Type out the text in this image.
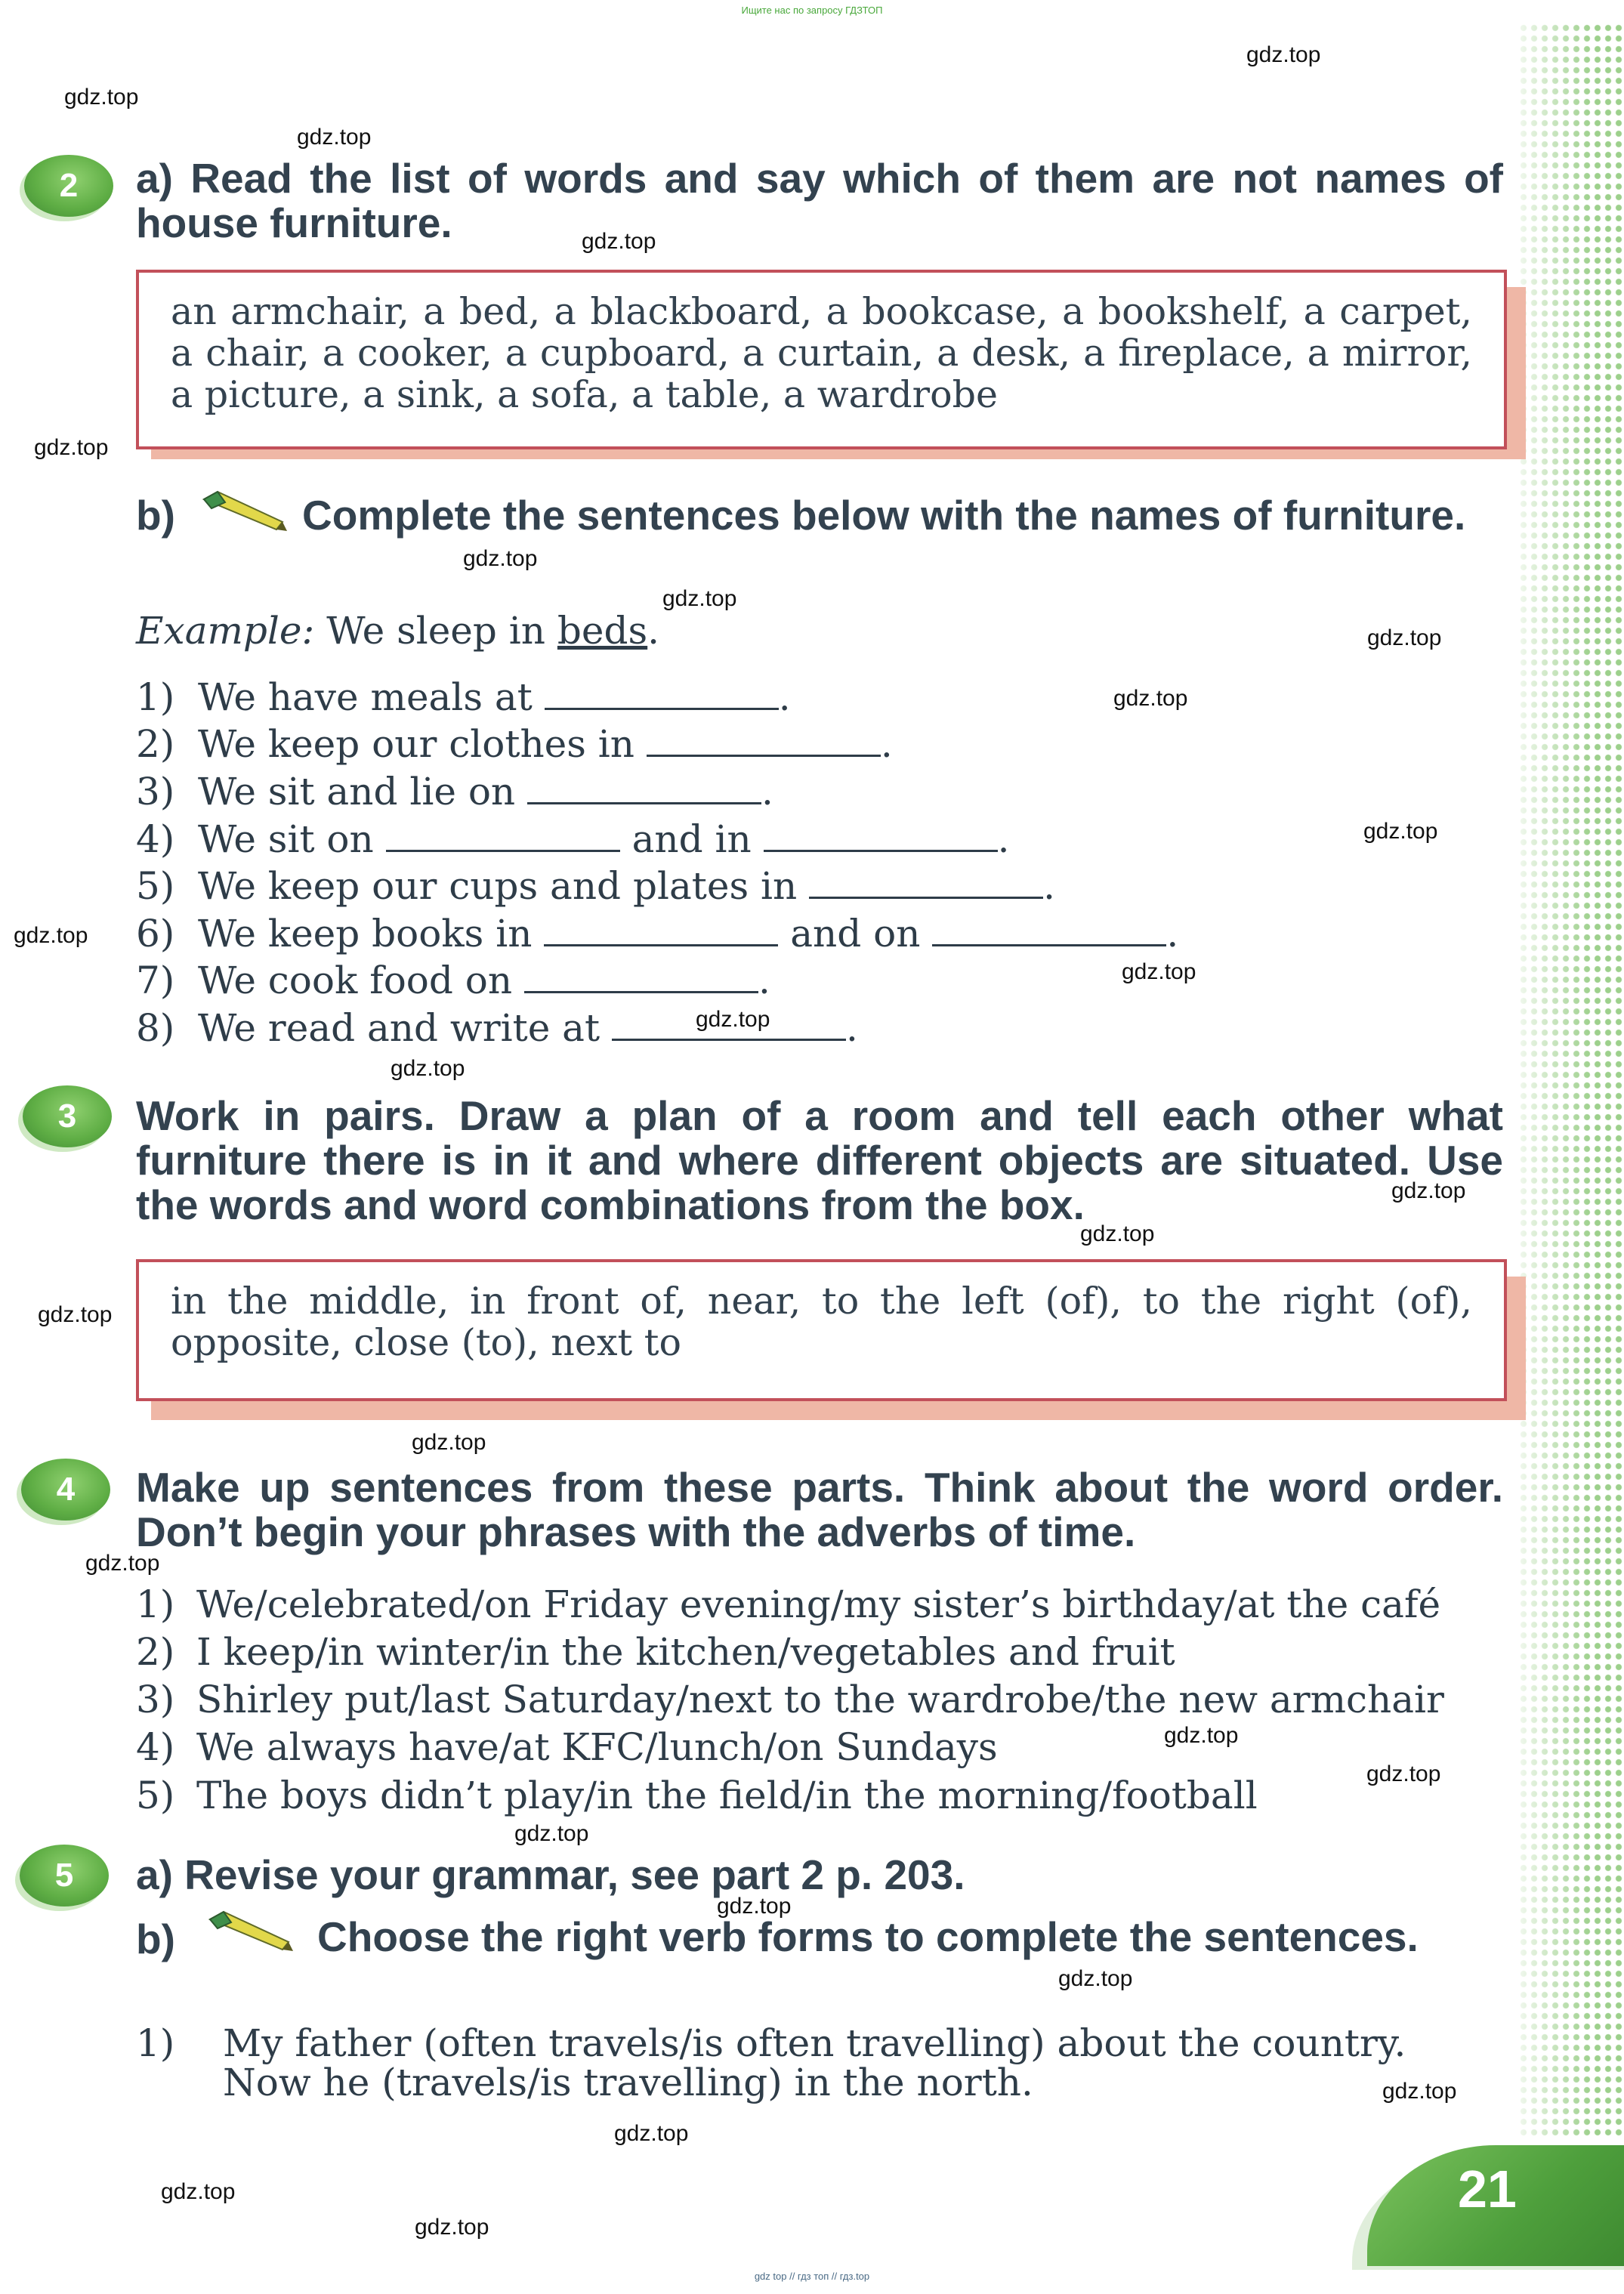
Ищите нас по запросу ГДЗТОП
gdz.top
gdz.top
gdz.top
gdz.top
gdz.top
gdz.top
gdz.top
gdz.top
gdz.top
gdz.top
gdz.top
gdz.top
gdz.top
gdz.top
gdz.top
gdz.top
gdz.top
gdz.top
gdz.top
gdz.top
gdz.top
gdz.top
gdz.top
gdz.top
gdz.top
gdz.top
gdz.top
gdz.top
2	a) Read the list of words and say which of them are not names of house furniture.
an armchair, a bed, a blackboard, a bookcase, a bookshelf, a carpet, a chair, a cooker, a cupboard, a curtain, a desk, a fireplace, a mirror, a picture, a sink, a sofa, a table, a wardrobe
b)	Complete the sentences below with the names of furniture.
Example: We sleep in beds.
1) We have meals at	.
2) We keep our clothes in	.
3) We sit and lie on	.
4) We sit on	and in	.
5) We keep our cups and plates in	.
6) We keep books in	and on	.
7) We cook food on	.
8) We read and write at	.
3	Work in pairs. Draw a plan of a room and tell each other what furniture there is in it and where different objects are situated. Use the words and word combinations from the box.
in the middle, in front of, near, to the left (of), to the right (of), opposite, close (to), next to
4	Make up sentences from these parts. Think about the word order. Don’t begin your phrases with the adverbs of time.
1) We/celebrated/on Friday evening/my sister’s birthday/at the café
2) I keep/in winter/in the kitchen/vegetables and fruit
3) Shirley put/last Saturday/next to the wardrobe/the new armchair
4) We always have/at KFC/lunch/on Sundays
5) The boys didn’t play/in the field/in the morning/football
5	a) Revise your grammar, see part 2 p. 203.
b)	Choose the right verb forms to complete the sentences.
1) My father (often travels/is often travelling) about the country.
Now he (travels/is travelling) in the north.
21
gdz top // гдз топ // гдз.top
